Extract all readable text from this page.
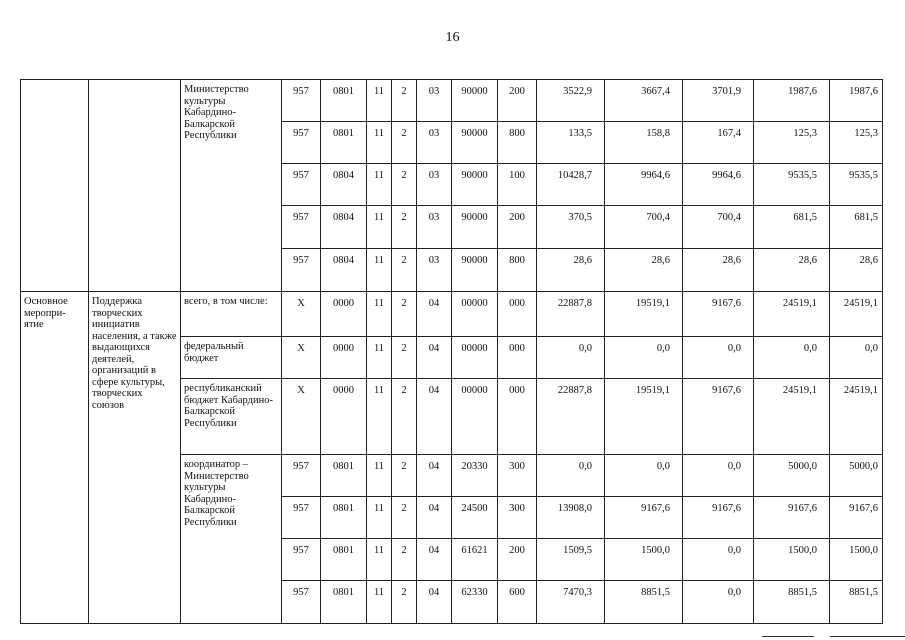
16
		Министерство культуры Кабардино-Балкарской Республики	957	0801	11	2	03	90000	200	3522,9	3667,4	3701,9	1987,6	1987,6
			957	0801	11	2	03	90000	800	133,5	158,8	167,4	125,3	125,3
			957	0804	11	2	03	90000	100	10428,7	9964,6	9964,6	9535,5	9535,5
			957	0804	11	2	03	90000	200	370,5	700,4	700,4	681,5	681,5
			957	0804	11	2	03	90000	800	28,6	28,6	28,6	28,6	28,6
Основное меропри-ятие	Поддержка творческих инициатив населения, а также выдающихся деятелей, организаций в сфере культуры, творческих союзов	всего, в том числе:	X	0000	11	2	04	00000	000	22887,8	19519,1	9167,6	24519,1	24519,1
		федеральный бюджет	X	0000	11	2	04	00000	000	0,0	0,0	0,0	0,0	0,0
		республиканский бюджет Кабардино-Балкарской Республики	X	0000	11	2	04	00000	000	22887,8	19519,1	9167,6	24519,1	24519,1
		координатор – Министерство культуры Кабардино-Балкарской Республики	957	0801	11	2	04	20330	300	0,0	0,0	0,0	5000,0	5000,0
			957	0801	11	2	04	24500	300	13908,0	9167,6	9167,6	9167,6	9167,6
			957	0801	11	2	04	61621	200	1509,5	1500,0	0,0	1500,0	1500,0
			957	0801	11	2	04	62330	600	7470,3	8851,5	0,0	8851,5	8851,5
